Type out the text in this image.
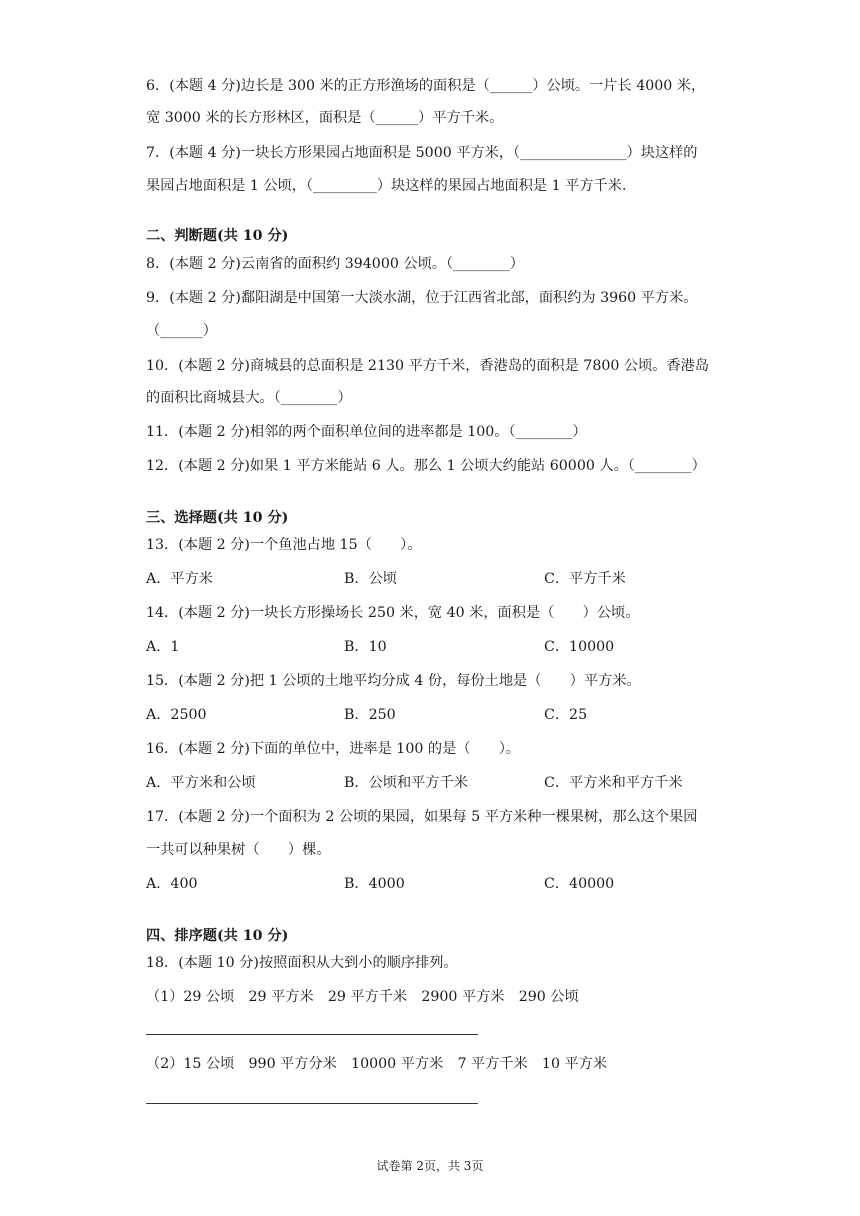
6．(本题 4 分)边长是 300 米的正方形渔场的面积是（______）公顷。一片长 4000 米，
宽 3000 米的长方形林区，面积是（______）平方千米。
7．(本题 4 分)一块长方形果园占地面积是 5000 平方米，（_______________）块这样的
果园占地面积是 1 公顷，（_________）块这样的果园占地面积是 1 平方千米.
二、判断题(共 10 分)
8．(本题 2 分)云南省的面积约 394000 公顷。（________）
9．(本题 2 分)鄱阳湖是中国第一大淡水湖，位于江西省北部，面积约为 3960 平方米。
（______）
10．(本题 2 分)商城县的总面积是 2130 平方千米，香港岛的面积是 7800 公顷。香港岛
的面积比商城县大。（________）
11．(本题 2 分)相邻的两个面积单位间的进率都是 100。（________）
12．(本题 2 分)如果 1 平方米能站 6 人。那么 1 公顷大约能站 60000 人。（________）
三、选择题(共 10 分)
13．(本题 2 分)一个鱼池占地 15（　　）。
A．平方米	B．公顷	C．平方千米
14．(本题 2 分)一块长方形操场长 250 米，宽 40 米，面积是（　　）公顷。
A．1	B．10	C．10000
15．(本题 2 分)把 1 公顷的土地平均分成 4 份，每份土地是（　　）平方米。
A．2500	B．250	C．25
16．(本题 2 分)下面的单位中，进率是 100 的是（　　）。
A．平方米和公顷	B．公顷和平方千米	C．平方米和平方千米
17．(本题 2 分)一个面积为 2 公顷的果园，如果每 5 平方米种一棵果树，那么这个果园
一共可以种果树（　　）棵。
A．400	B．4000	C．40000
四、排序题(共 10 分)
18．(本题 10 分)按照面积从大到小的顺序排列。
（1）29 公顷　29 平方米　29 平方千米　2900 平方米　290 公顷
（2）15 公顷　990 平方分米　10000 平方米　7 平方千米　10 平方米
试卷第 2页，共 3页
